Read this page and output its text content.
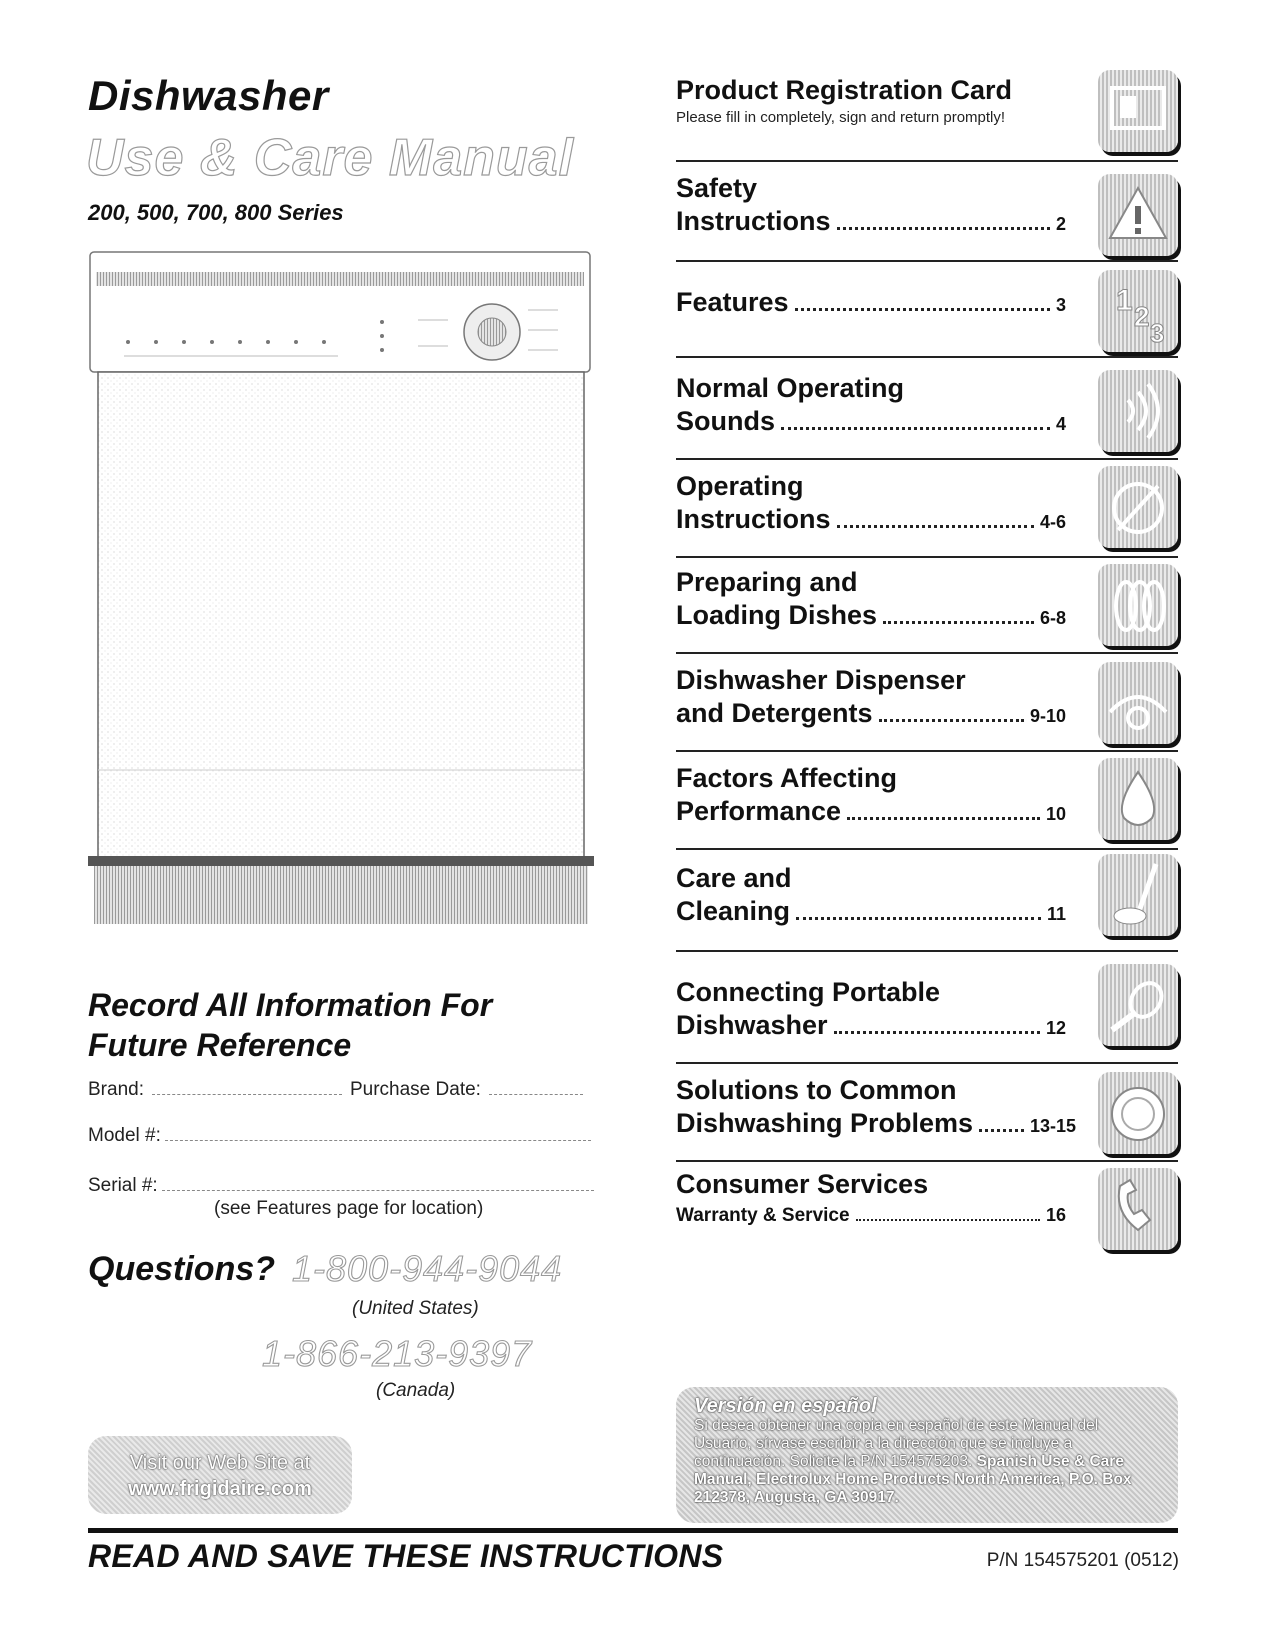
Dishwasher
Use & Care Manual
200, 500, 700, 800 Series
Record All Information For
Future Reference
Brand:	Purchase Date:
Model #:
Serial #:
(see Features page for location)
Questions? 1-800-944-9044
(United States)
1-866-213-9397
(Canada)
Visit our Web Site at
www.frigidaire.com
Product Registration Card
Please fill in completely, sign and return promptly!
Safety
Instructions	2
Features	3 1 2
3
Normal Operating
Sounds	4
Operating
Instructions	4-6
Preparing and
Loading Dishes	6-8
Dishwasher Dispenser
and Detergents	9-10
Factors Affecting
Performance	10
Care and
Cleaning	11
Connecting Portable
Dishwasher	12
Solutions to Common
Dishwashing Problems	13-15
Consumer Services
Warranty & Service	16
Versión en español
Si desea obtener una copia en español de este Manual del Usuario, sírvase escribir a la dirección que se incluye a continuación. Solicite la P/N 154575203. Spanish Use & Care Manual, Electrolux Home Products North America, P.O. Box 212378, Augusta, GA 30917.
READ AND SAVE THESE INSTRUCTIONS	P/N 154575201 (0512)
